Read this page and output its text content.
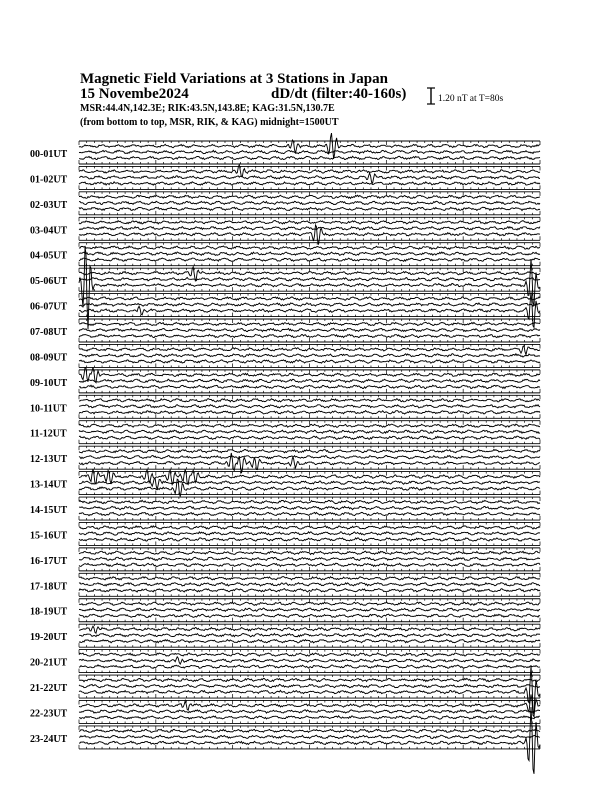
Magnetic Field Variations at 3 Stations in Japan
15 Novembe2024	dD/dt (filter:40-160s)
MSR:44.4N,142.3E; RIK:43.5N,143.8E; KAG:31.5N,130.7E
(from bottom to top, MSR, RIK, & KAG) midnight=1500UT
1.20 nT at T=80s
00-01UT
01-02UT
02-03UT
03-04UT
04-05UT
05-06UT
06-07UT
07-08UT
08-09UT
09-10UT
10-11UT
11-12UT
12-13UT
13-14UT
14-15UT
15-16UT
16-17UT
17-18UT
18-19UT
19-20UT
20-21UT
21-22UT
22-23UT
23-24UT
